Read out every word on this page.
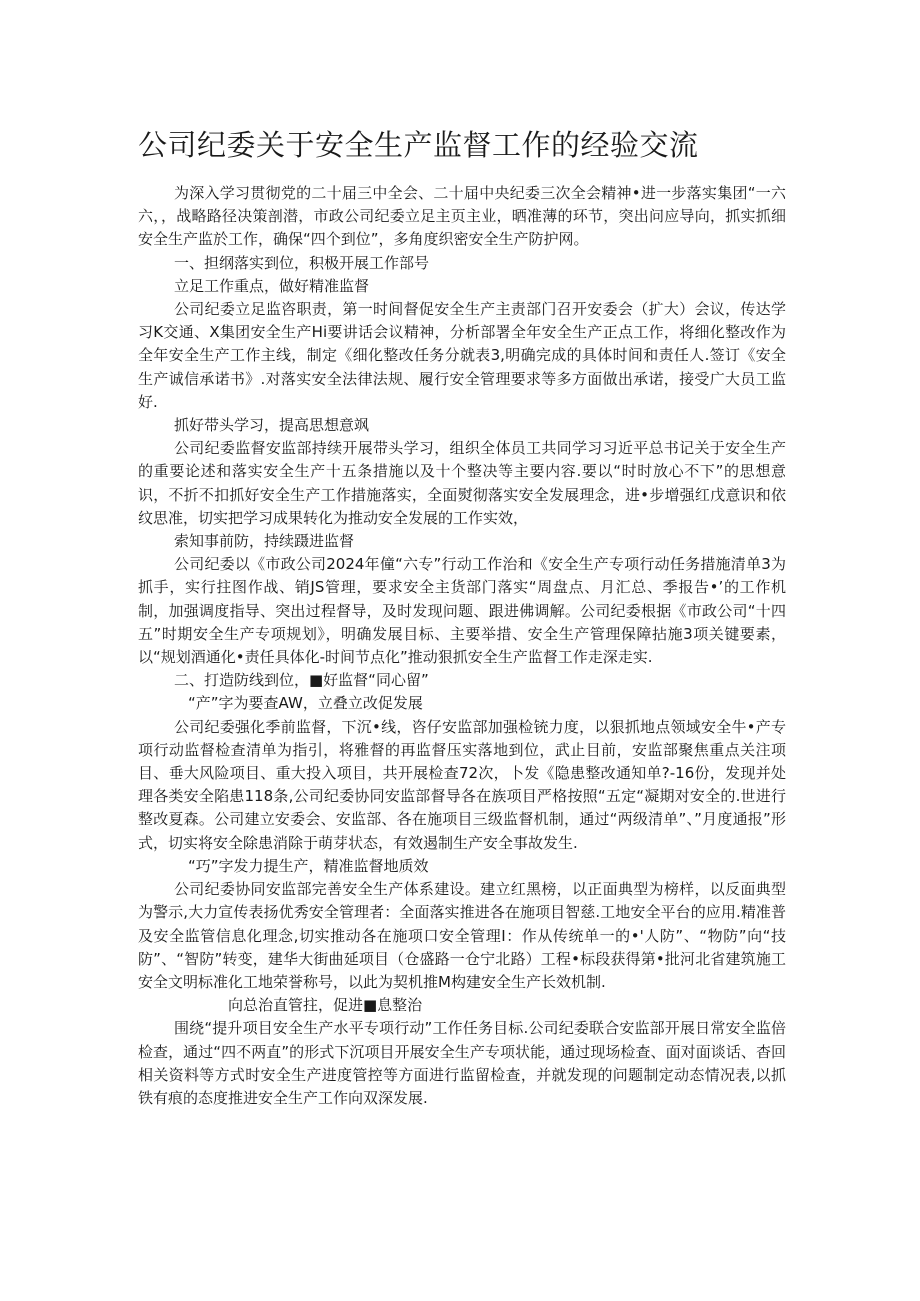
公司纪委关于安全生产监督工作的经验交流

为深入学习贯彻党的二十届三中全会、二十届中央纪委三次全会精神•进一步落实集团“一六六，，战略路径决策剖潜，市政公司纪委立足主页主业，晒准薄的环节，突出问应导向，抓实抓细安全生产监於工作，确保“四个到位”，多角度织密安全生产防护网。

一、担纲落实到位，积极开展工作部号

立足工作重点，做好精准监督

公司纪委立足监咨职责，第一时间督促安全生产主责部门召开安委会（扩大）会议，传达学习K交通、X集团安全生产Hi要讲话会议精神，分析部署全年安全生产正点工作，将细化整改作为全年安全生产工作主线，制定《细化整改任务分就表3,明确完成的具体时间和责任人.签订《安全生产诚信承诺书》.对落实安全法律法规、履行安全管理要求等多方面做出承诺，接受广大员工监好.

抓好带头学习，提高思想意飒

公司纪委监督安监部持续开展带头学习，组织全体员工共同学习习近平总书记关于安全生产的重要论述和落实安全生产十五条措施以及十个整决等主要内容.要以“时时放心不下”的思想意识，不折不扣抓好安全生产工作措施落实，全面熨彻落实安全发展理念，进•步增强红戊意识和依纹思准，切实把学习成果转化为推动安全发展的工作实效，

索知事前防，持续蹑进监督

公司纪委以《市政公司2024年僮“六专”行动工作治和《安全生产专项行动任务措施清单3为抓手，实行拄图作战、销JS管理，要求安全主货部门落实“周盘点、月汇总、季报告•’的工作机制，加强调度指导、突出过程督导，及时发现问题、跟进佛调解。公司纪委根据《市政公司“十四五”时期安全生产专项规划》，明确发展目标、主要举措、安全生产管理保障拈施3项关键要素，以“规划酒通化•责任具体化-时间节点化”推动狠抓安全生产监督工作走深走实.

二、打造防线到位，■好监督“同心留”

“产”字为要查AW，立叠立改促发展

公司纪委强化季前监督，下沉•线，咨仔安监部加强检铳力度，以狠抓地点领域安全牛•产专项行动监督检查清单为指引，将雅督的再监督压实落地到位，武止目前，安监部聚焦重点关注项目、垂大风险项目、重大投入项目，共开展检查72次，卜发《隐患整改通知单?-16份，发现并处理各类安全陷患118条,公司纪委协同安监部督导各在族项目严格按照“五定“凝期对安全的.世进行整改夏森。公司建立安委会、安监部、各在施项目三级监督机制，通过“两级清单”、”月度通报”形式，切实将安全除患消除于萌芽状态，有效遏制生产安全事故发生.

“巧”字发力提生产，精准监督地质效

公司纪委协同安监部完善安全生产体系建设。建立红黑榜，以正面典型为榜样，以反面典型为警示,大力宣传表扬优秀安全管理者：全面落实推进各在施项目智慈.工地安全平台的应用.精准普及安全监管信息化理念,切实推动各在施项口安全管理I：作从传统单一的•'人防”、“物防”向“技防”、“智防”转变，建华大街曲延项目（仓盛路一仓宁北路）工程•标段获得第•批河北省建筑施工安全文明标准化工地荣誉称号，以此为契机推M构建安全生产长效机制.

向总治直管拄，促进■息整治

围绕“提升项目安全生产水平专项行动”工作任务目标.公司纪委联合安监部开展日常安全监倍检查，通过“四不两直”的形式下沉项目开展安全生产专项状能，通过现场检查、面对面谈话、杳回相关资料等方式时安全生产进度管控等方面进行监留检查，并就发现的问题制定动态情况表,以抓铁有痕的态度推进安全生产工作向双深发展.
